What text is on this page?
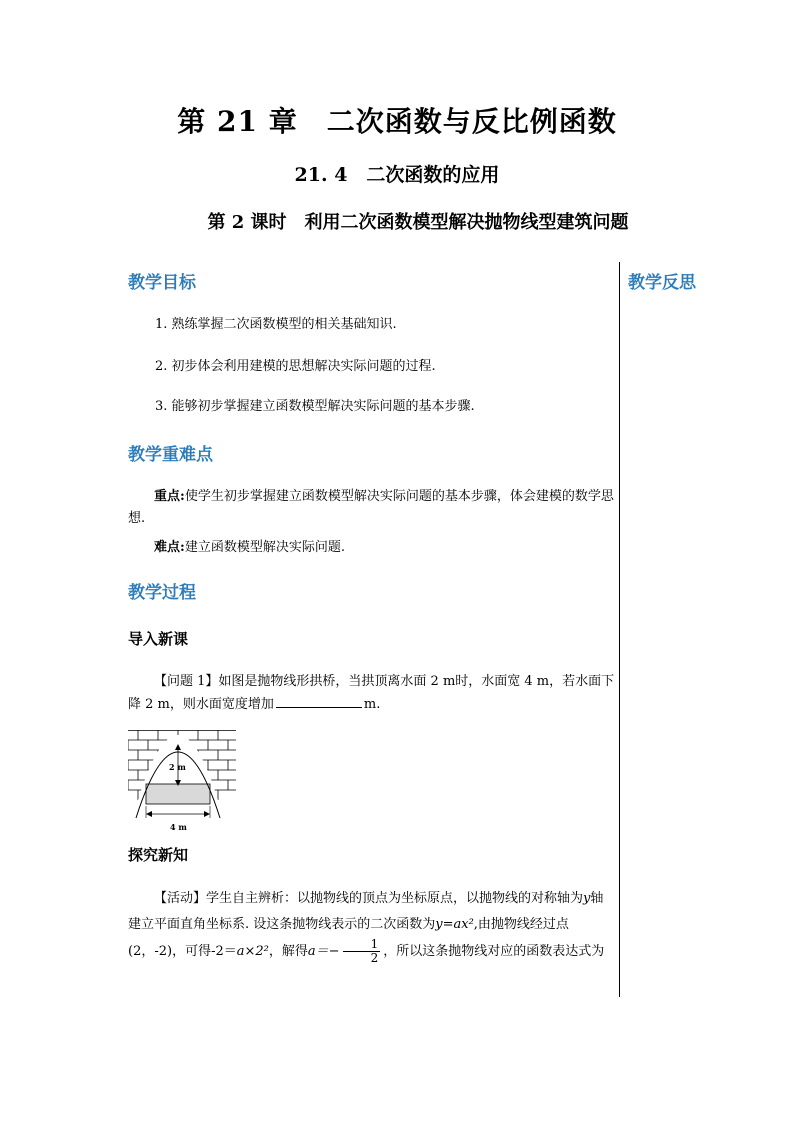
第 21 章　二次函数与反比例函数
21. 4　二次函数的应用
第 2 课时　利用二次函数模型解决抛物线型建筑问题
教学反思
教学目标
1. 熟练掌握二次函数模型的相关基础知识.
2. 初步体会利用建模的思想解决实际问题的过程.
3. 能够初步掌握建立函数模型解决实际问题的基本步骤.
教学重难点
重点:使学生初步掌握建立函数模型解决实际问题的基本步骤，体会建模的数学思想.
难点:建立函数模型解决实际问题.
教学过程
导入新课
【问题 1】如图是抛物线形拱桥，当拱顶离水面 2 m时，水面宽 4 m，若水面下降 2 m，则水面宽度增加	m.
2 m
4 m
探究新知
【活动】学生自主辨析：以抛物线的顶点为坐标原点，以抛物线的对称轴为y轴建立平面直角坐标系. 设这条抛物线表示的二次函数为y=ax²,由抛物线经过点(2，-2)，可得-2＝a×2²，解得$a=- \frac{1}{2}$ ，所以这条抛物线对应的函数表达式为
